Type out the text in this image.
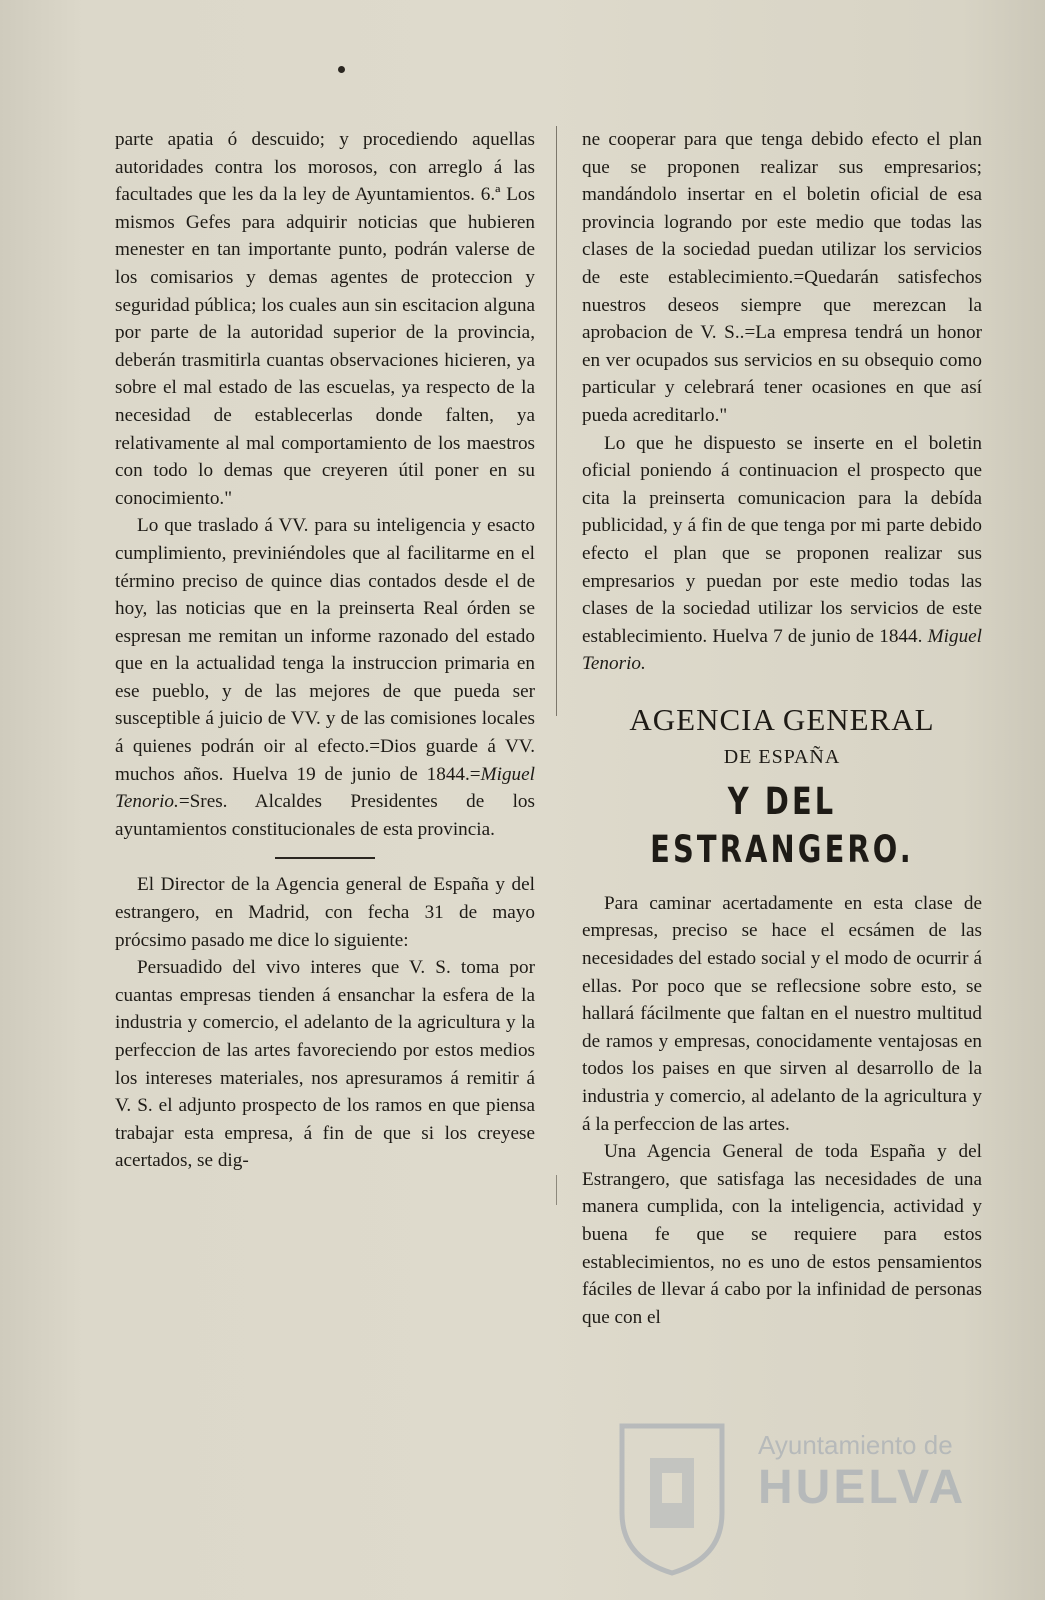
parte apatia ó descuido; y procediendo aquellas autoridades contra los morosos, con arreglo á las facultades que les da la ley de Ayuntamientos. 6.ª Los mismos Gefes para adquirir noticias que hubieren menester en tan importante punto, podrán valerse de los comisarios y demas agentes de proteccion y seguridad pública; los cuales aun sin escitacion alguna por parte de la autoridad superior de la provincia, deberán trasmitirla cuantas observaciones hicieren, ya sobre el mal estado de las escuelas, ya respecto de la necesidad de establecerlas donde falten, ya relativamente al mal comportamiento de los maestros con todo lo demas que creyeren útil poner en su conocimiento."

Lo que traslado á VV. para su inteligencia y esacto cumplimiento, previniéndoles que al facilitarme en el término preciso de quince dias contados desde el de hoy, las noticias que en la preinserta Real órden se espresan me remitan un informe razonado del estado que en la actualidad tenga la instruccion primaria en ese pueblo, y de las mejores de que pueda ser susceptible á juicio de VV. y de las comisiones locales á quienes podrán oir al efecto.=Dios guarde á VV. muchos años. Huelva 19 de junio de 1844.=Miguel Tenorio.=Sres. Alcaldes Presidentes de los ayuntamientos constitucionales de esta provincia.

El Director de la Agencia general de España y del estrangero, en Madrid, con fecha 31 de mayo prócsimo pasado me dice lo siguiente:

Persuadido del vivo interes que V. S. toma por cuantas empresas tienden á ensanchar la esfera de la industria y comercio, el adelanto de la agricultura y la perfeccion de las artes favoreciendo por estos medios los intereses materiales, nos apresuramos á remitir á V. S. el adjunto prospecto de los ramos en que piensa trabajar esta empresa, á fin de que si los creyese acertados, se dig-

ne cooperar para que tenga debido efecto el plan que se proponen realizar sus empresarios; mandándolo insertar en el boletin oficial de esa provincia logrando por este medio que todas las clases de la sociedad puedan utilizar los servicios de este establecimiento.=Quedarán satisfechos nuestros deseos siempre que merezcan la aprobacion de V. S..=La empresa tendrá un honor en ver ocupados sus servicios en su obsequio como particular y celebrará tener ocasiones en que así pueda acreditarlo."

Lo que he dispuesto se inserte en el boletin oficial poniendo á continuacion el prospecto que cita la preinserta comunicacion para la debída publicidad, y á fin de que tenga por mi parte debido efecto el plan que se proponen realizar sus empresarios y puedan por este medio todas las clases de la sociedad utilizar los servicios de este establecimiento. Huelva 7 de junio de 1844. Miguel Tenorio.

AGENCIA GENERAL
DE ESPAÑA
Y DEL ESTRANGERO.

Para caminar acertadamente en esta clase de empresas, preciso se hace el ecsámen de las necesidades del estado social y el modo de ocurrir á ellas. Por poco que se reflecsione sobre esto, se hallará fácilmente que faltan en el nuestro multitud de ramos y empresas, conocidamente ventajosas en todos los paises en que sirven al desarrollo de la industria y comercio, al adelanto de la agricultura y á la perfeccion de las artes.

Una Agencia General de toda España y del Estrangero, que satisfaga las necesidades de una manera cumplida, con la inteligencia, actividad y buena fe que se requiere para estos establecimientos, no es uno de estos pensamientos fáciles de llevar á cabo por la infinidad de personas que con el

Ayuntamiento de
HUELVA
